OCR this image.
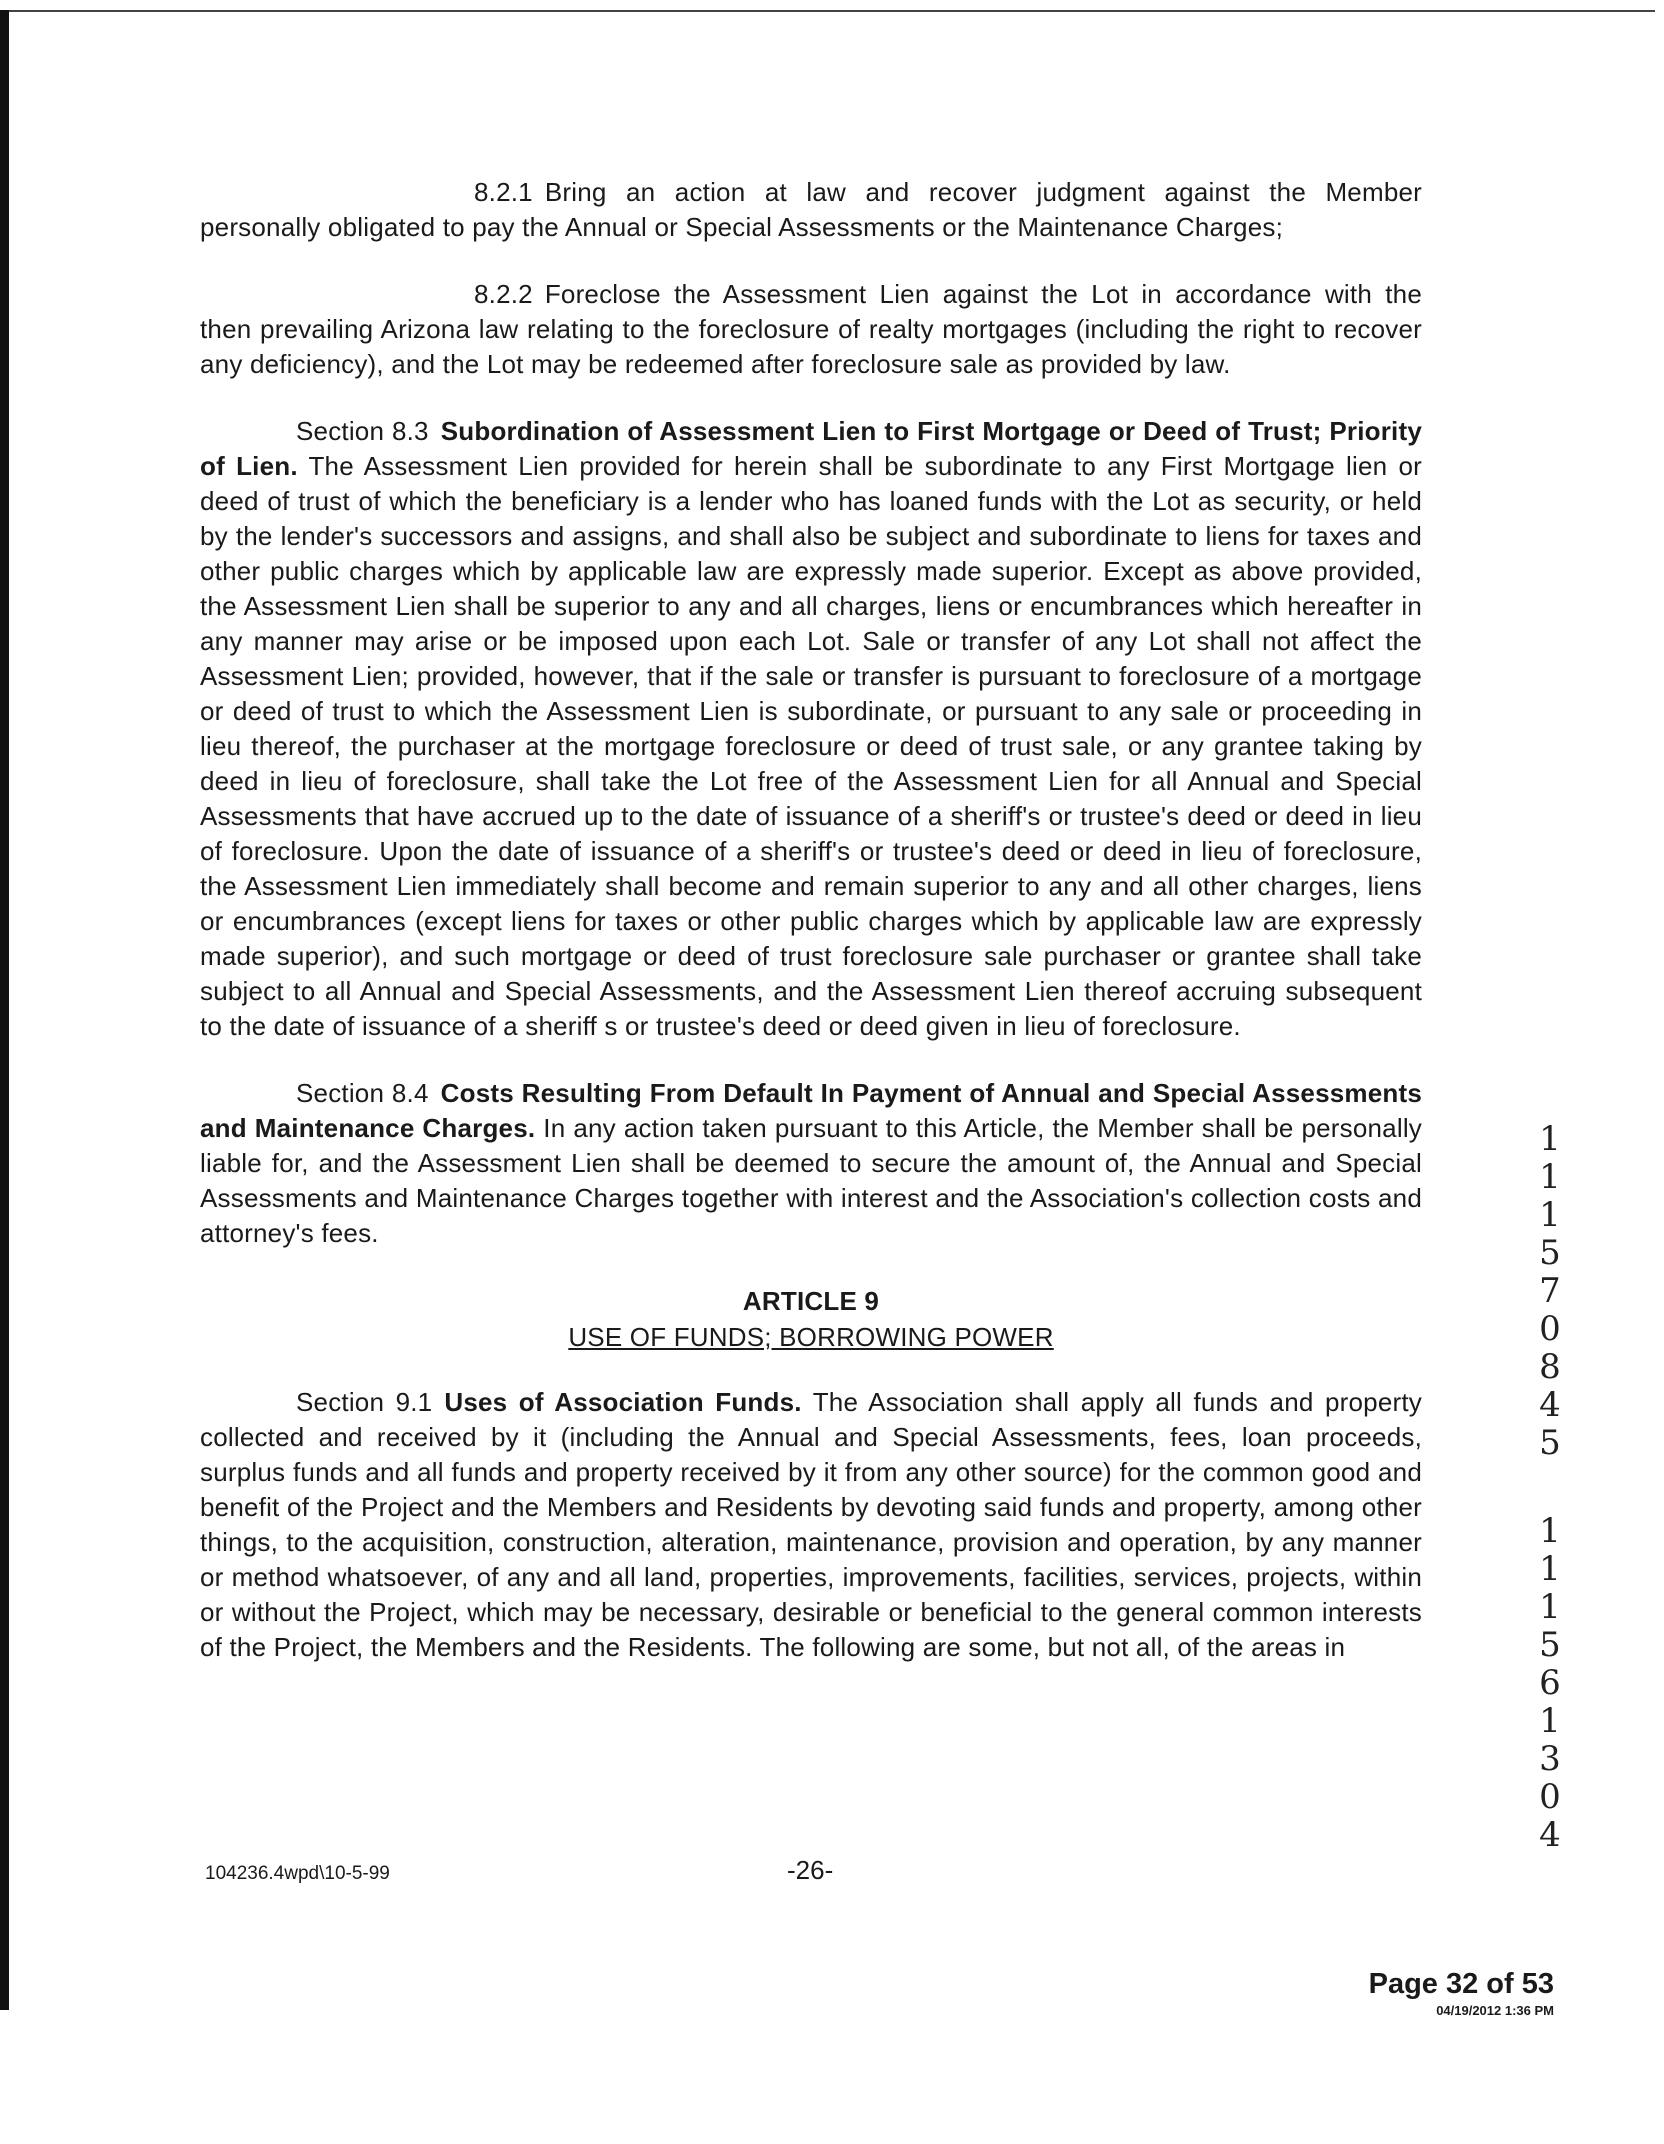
8.2.1 Bring an action at law and recover judgment against the Member personally obligated to pay the Annual or Special Assessments or the Maintenance Charges;

8.2.2 Foreclose the Assessment Lien against the Lot in accordance with the then prevailing Arizona law relating to the foreclosure of realty mortgages (including the right to recover any deficiency), and the Lot may be redeemed after foreclosure sale as provided by law.

Section 8.3 Subordination of Assessment Lien to First Mortgage or Deed of Trust; Priority of Lien. The Assessment Lien provided for herein shall be subordinate to any First Mortgage lien or deed of trust of which the beneficiary is a lender who has loaned funds with the Lot as security, or held by the lender's successors and assigns, and shall also be subject and subordinate to liens for taxes and other public charges which by applicable law are expressly made superior. Except as above provided, the Assessment Lien shall be superior to any and all charges, liens or encumbrances which hereafter in any manner may arise or be imposed upon each Lot. Sale or transfer of any Lot shall not affect the Assessment Lien; provided, however, that if the sale or transfer is pursuant to foreclosure of a mortgage or deed of trust to which the Assessment Lien is subordinate, or pursuant to any sale or proceeding in lieu thereof, the purchaser at the mortgage foreclosure or deed of trust sale, or any grantee taking by deed in lieu of foreclosure, shall take the Lot free of the Assessment Lien for all Annual and Special Assessments that have accrued up to the date of issuance of a sheriff's or trustee's deed or deed in lieu of foreclosure. Upon the date of issuance of a sheriff's or trustee's deed or deed in lieu of foreclosure, the Assessment Lien immediately shall become and remain superior to any and all other charges, liens or encumbrances (except liens for taxes or other public charges which by applicable law are expressly made superior), and such mortgage or deed of trust foreclosure sale purchaser or grantee shall take subject to all Annual and Special Assessments, and the Assessment Lien thereof accruing subsequent to the date of issuance of a sheriff s or trustee's deed or deed given in lieu of foreclosure.

Section 8.4 Costs Resulting From Default In Payment of Annual and Special Assessments and Maintenance Charges. In any action taken pursuant to this Article, the Member shall be personally liable for, and the Assessment Lien shall be deemed to secure the amount of, the Annual and Special Assessments and Maintenance Charges together with interest and the Association's collection costs and attorney's fees.

ARTICLE 9
USE OF FUNDS; BORROWING POWER

Section 9.1 Uses of Association Funds. The Association shall apply all funds and property collected and received by it (including the Annual and Special Assessments, fees, loan proceeds, surplus funds and all funds and property received by it from any other source) for the common good and benefit of the Project and the Members and Residents by devoting said funds and property, among other things, to the acquisition, construction, alteration, maintenance, provision and operation, by any manner or method whatsoever, of any and all land, properties, improvements, facilities, services, projects, within or without the Project, which may be necessary, desirable or beneficial to the general common interests of the Project, the Members and the Residents. The following are some, but not all, of the areas in

104236.4wpd\10-5-99	-26-
1
1
1
5
7
0
8
4
5
1
1
1
5
6
1
3
0
4
Page 32 of 53
04/19/2012 1:36 PM
